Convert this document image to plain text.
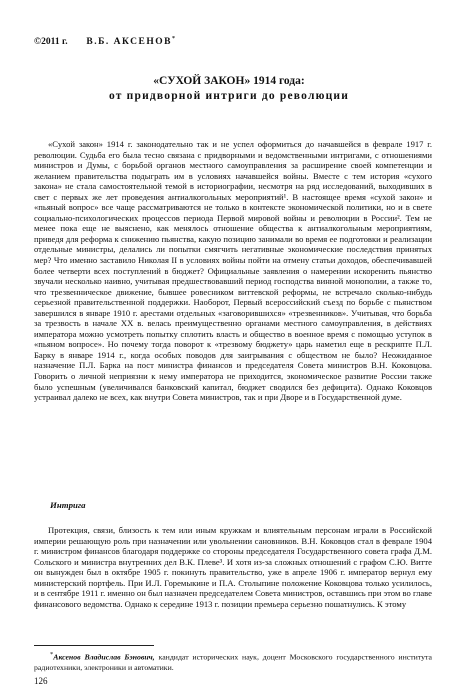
©2011 г. В.Б. АКСЕНОВ*
«СУХОЙ ЗАКОН» 1914 года:
от придворной интриги до революции

«Сухой закон» 1914 г. законодательно так и не успел оформиться до начавшейся в феврале 1917 г. революции. Судьба его была тесно связана с придворными и ведомственными интригами, с отношениями министров и Думы, с борьбой органов местного самоуправления за расширение своей компетенции и желанием правительства подыграть им в условиях начавшейся войны. Вместе с тем история «сухого закона» не стала самостоятельной темой в историографии, несмотря на ряд исследований, выходивших в свет с первых же лет проведения антиалкогольных мероприятий¹. В настоящее время «сухой закон» и «пьяный вопрос» все чаще рассматриваются не только в контексте экономической политики, но и в свете социально-психологических процессов периода Первой мировой войны и революции в России². Тем не менее пока еще не выяснено, как менялось отношение общества к антиалкогольным мероприятиям, приведя для реформа к снижению пьянства, какую позицию занимали во время ее подготовки и реализации отдельные министры, делались ли попытки смягчить негативные экономические последствия принятых мер? Что именно заставило Николая II в условиях войны пойти на отмену статьи доходов, обеспечивавшей более четверти всех поступлений в бюджет? Официальные заявления о намерении искоренить пьянство звучали несколько наивно, учитывая предшествовавший период господства винной монополии, а также то, что трезвенническое движение, бывшее ровесником виттевской реформы, не встречало сколько-нибудь серьезной правительственной поддержки. Наоборот, Первый всероссийский съезд по борьбе с пьянством завершился в январе 1910 г. арестами отдельных «заговорившихся» «трезвенников». Учитывая, что борьба за трезвость в начале XX в. велась преимущественно органами местного самоуправления, в действиях императора можно усмотреть попытку сплотить власть и общество в военное время с помощью уступок в «пьяном вопросе». Но почему тогда поворот к «трезвому бюджету» царь наметил еще в рескрипте П.Л. Барку в январе 1914 г., когда особых поводов для заигрывания с обществом не было? Неожиданное назначение П.Л. Барка на пост министра финансов и председателя Совета министров В.Н. Коковцова. Говорить о личной неприязни к нему императора не приходится, экономическое развитие России также было успешным (увеличивался банковский капитал, бюджет сводился без дефицита). Однако Коковцов устраивал далеко не всех, как внутри Совета министров, так и при Дворе и в Государственной думе.

Интрига

Протекция, связи, близость к тем или иным кружкам и влиятельным персонам играли в Российской империи решающую роль при назначении или увольнении сановников. В.Н. Коковцов стал в феврале 1904 г. министром финансов благодаря поддержке со стороны председателя Государственного совета графа Д.М. Сольского и министра внутренних дел В.К. Плеве³. И хотя из-за сложных отношений с графом С.Ю. Витте он вынужден был в октябре 1905 г. покинуть правительство, уже в апреле 1906 г. император вернул ему министерский портфель. При И.Л. Горемыкине и П.А. Столыпине положение Коковцова только усилилось, и в сентябре 1911 г. именно он был назначен председателем Совета министров, оставшись при этом во главе финансового ведомства. Однако к середине 1913 г. позиции премьера серьезно пошатнулись. К этому

*Аксенов Владислав Бэнович, кандидат исторических наук, доцент Московского государственного института радиотехники, электроники и автоматики.
126
